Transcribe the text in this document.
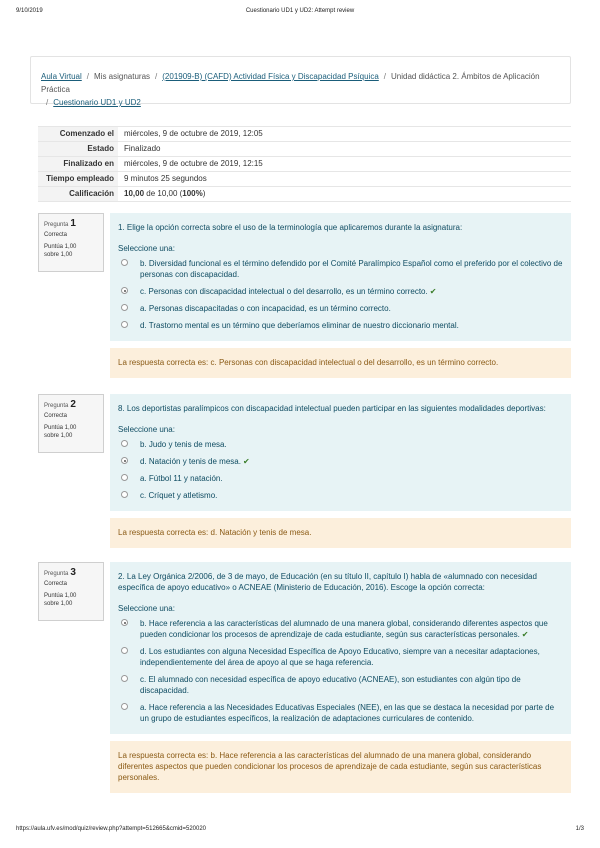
9/10/2019	Cuestionario UD1 y UD2: Attempt review
Aula Virtual / Mis asignaturas / (201909-B) (CAFD) Actividad Física y Discapacidad Psíquica / Unidad didáctica 2. Ámbitos de Aplicación Práctica
/ Cuestionario UD1 y UD2
Comenzado el	miércoles, 9 de octubre de 2019, 12:05
Estado	Finalizado
Finalizado en	miércoles, 9 de octubre de 2019, 12:15
Tiempo empleado	9 minutos 25 segundos
Calificación	10,00 de 10,00 (100%)
Pregunta 1
Correcta
Puntúa 1,00
sobre 1,00
1. Elige la opción correcta sobre el uso de la terminología que aplicaremos durante la asignatura:
Seleccione una:
b. Diversidad funcional es el término defendido por el Comité Paralímpico Español como el preferido por el colectivo de personas con discapacidad.
c. Personas con discapacidad intelectual o del desarrollo, es un término correcto. ✔
a. Personas discapacitadas o con incapacidad, es un término correcto.
d. Trastorno mental es un término que deberíamos eliminar de nuestro diccionario mental.
La respuesta correcta es: c. Personas con discapacidad intelectual o del desarrollo, es un término correcto.
Pregunta 2
Correcta
Puntúa 1,00
sobre 1,00
8. Los deportistas paralímpicos con discapacidad intelectual pueden participar en las siguientes modalidades deportivas:
Seleccione una:
b. Judo y tenis de mesa.
d. Natación y tenis de mesa. ✔
a. Fútbol 11 y natación.
c. Críquet y atletismo.
La respuesta correcta es: d. Natación y tenis de mesa.
Pregunta 3
Correcta
Puntúa 1,00
sobre 1,00
2. La Ley Orgánica 2/2006, de 3 de mayo, de Educación (en su título II, capítulo I) habla de «alumnado con necesidad específica de apoyo educativo» o ACNEAE (Ministerio de Educación, 2016). Escoge la opción correcta:
Seleccione una:
b. Hace referencia a las características del alumnado de una manera global, considerando diferentes aspectos que pueden condicionar los procesos de aprendizaje de cada estudiante, según sus características personales. ✔
d. Los estudiantes con alguna Necesidad Específica de Apoyo Educativo, siempre van a necesitar adaptaciones, independientemente del área de apoyo al que se haga referencia.
c. El alumnado con necesidad específica de apoyo educativo (ACNEAE), son estudiantes con algún tipo de discapacidad.
a. Hace referencia a las Necesidades Educativas Especiales (NEE), en las que se destaca la necesidad por parte de un grupo de estudiantes específicos, la realización de adaptaciones curriculares de contenido.
La respuesta correcta es: b. Hace referencia a las características del alumnado de una manera global, considerando diferentes aspectos que pueden condicionar los procesos de aprendizaje de cada estudiante, según sus características personales.
https://aula.ufv.es/mod/quiz/review.php?attempt=512665&cmid=520020	1/3
